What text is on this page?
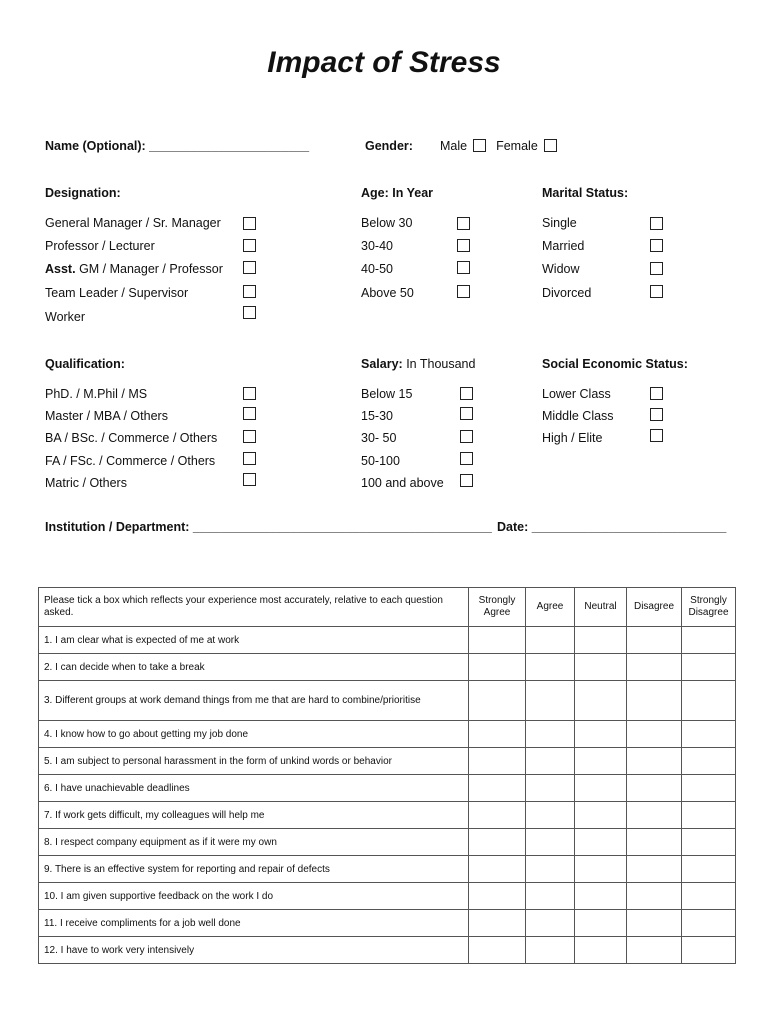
Impact of Stress
Name (Optional): _______________________	Gender: Male Female
Designation:	Age: In Year	Marital Status:
General Manager / Sr. Manager
Professor / Lecturer
Asst. GM / Manager / Professor
Team Leader / Supervisor
Worker
Below 30
30-40
40-50
Above 50
Single
Married
Widow
Divorced
Qualification:	Salary: In Thousand	Social Economic Status:
PhD. / M.Phil / MS
Master / MBA / Others
BA / BSc. / Commerce / Others
FA / FSc. / Commerce / Others
Matric / Others
Below 15
15-30
30- 50
50-100
100 and above
Lower Class
Middle Class
High / Elite
Institution / Department: ___________________________________________ Date: ____________________________
Please tick a box which reflects your experience most accurately, relative to each question asked.	Strongly Agree	Agree	Neutral	Disagree	Strongly Disagree
1. I am clear what is expected of me at work					
2. I can decide when to take a break					
3. Different groups at work demand things from me that are hard to combine/prioritise					
4. I know how to go about getting my job done					
5. I am subject to personal harassment in the form of unkind words or behavior					
6. I have unachievable deadlines					
7. If work gets difficult, my colleagues will help me					
8. I respect company equipment as if it were my own					
9. There is an effective system for reporting and repair of defects					
10. I am given supportive feedback on the work I do					
11. I receive compliments for a job well done					
12. I have to work very intensively					
